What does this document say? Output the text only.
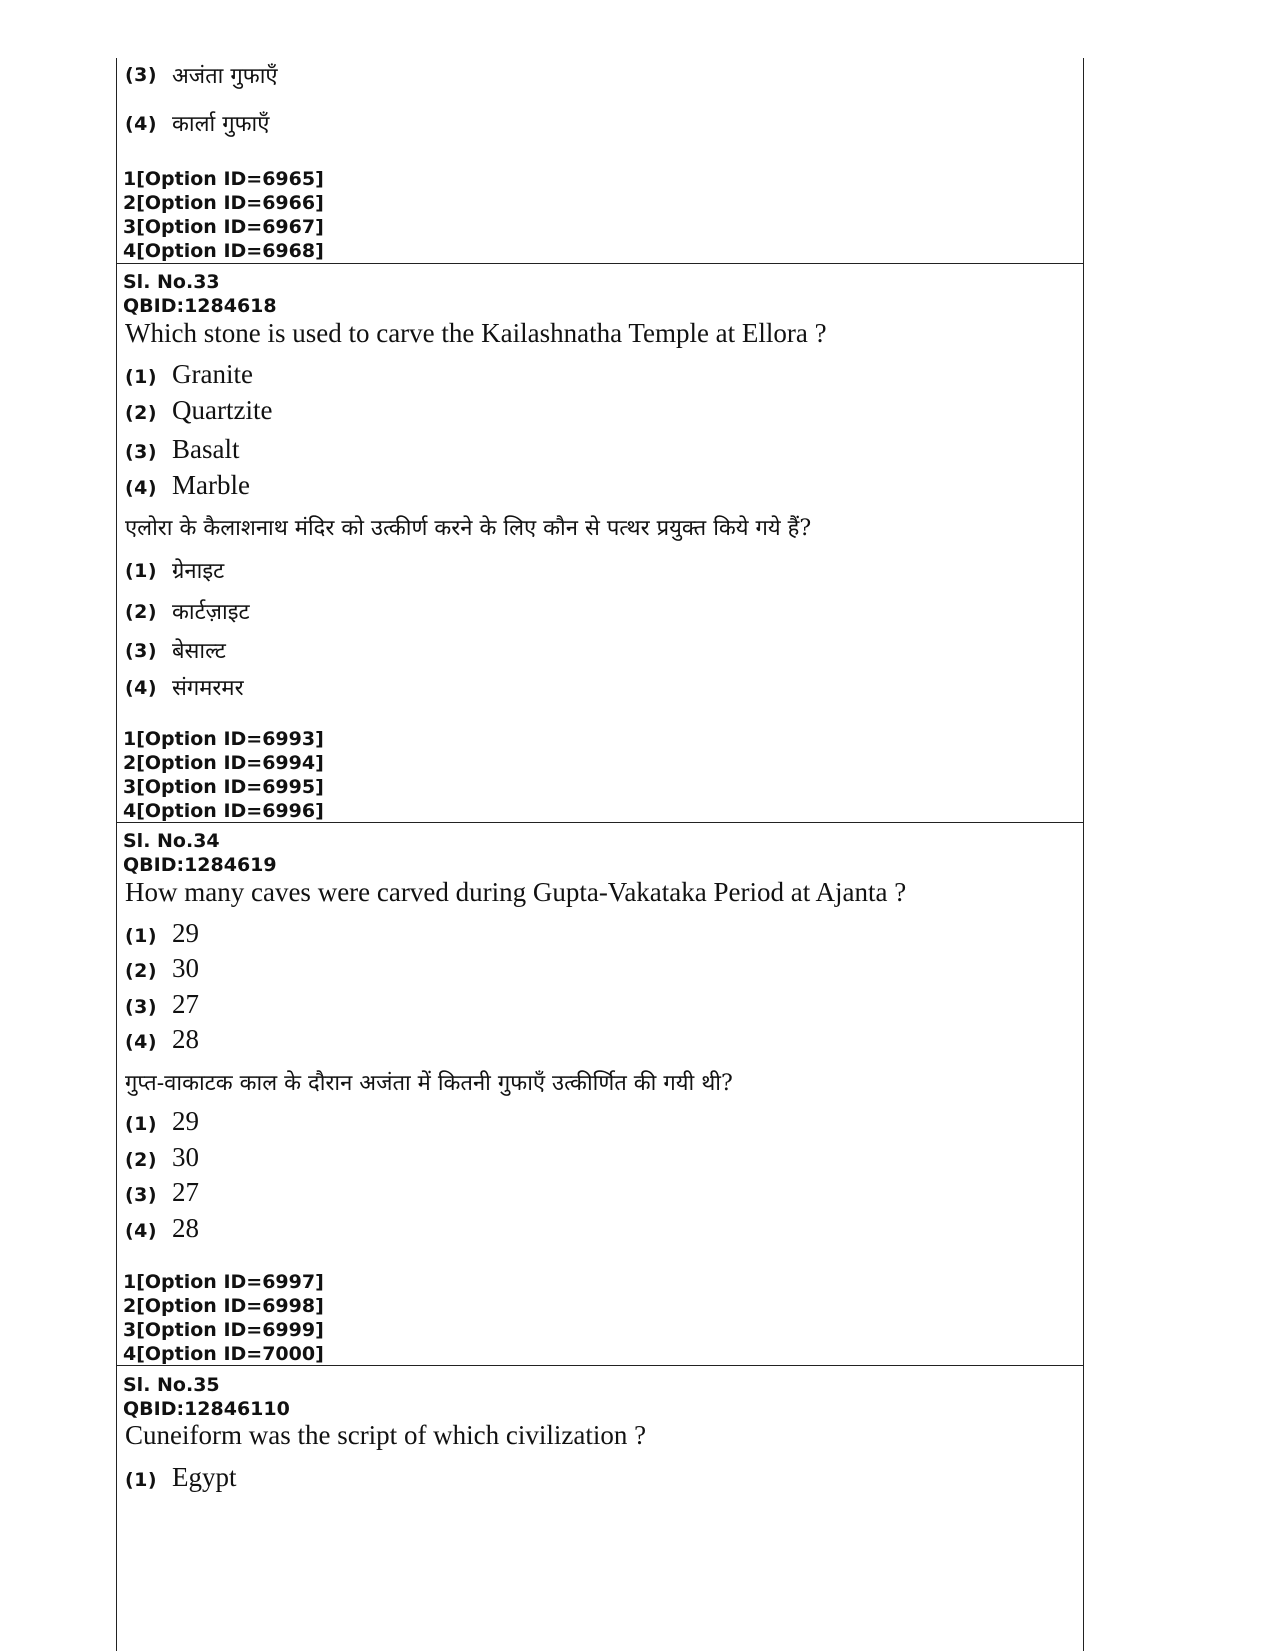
(3) अजंता गुफाएँ
(4) कार्ला गुफाएँ
1[Option ID=6965]
2[Option ID=6966]
3[Option ID=6967]
4[Option ID=6968]
Sl. No.33
QBID:1284618
Which stone is used to carve the Kailashnatha Temple at Ellora ?
(1) Granite
(2) Quartzite
(3) Basalt
(4) Marble
एलोरा के कैलाशनाथ मंदिर को उत्कीर्ण करने के लिए कौन से पत्थर प्रयुक्त किये गये हैं?
(1) ग्रेनाइट
(2) कार्टज़ाइट
(3) बेसाल्ट
(4) संगमरमर
1[Option ID=6993]
2[Option ID=6994]
3[Option ID=6995]
4[Option ID=6996]
Sl. No.34
QBID:1284619
How many caves were carved during Gupta-Vakataka Period at Ajanta ?
(1) 29
(2) 30
(3) 27
(4) 28
गुप्त-वाकाटक काल के दौरान अजंता में कितनी गुफाएँ उत्कीर्णित की गयी थी?
(1) 29
(2) 30
(3) 27
(4) 28
1[Option ID=6997]
2[Option ID=6998]
3[Option ID=6999]
4[Option ID=7000]
Sl. No.35
QBID:12846110
Cuneiform was the script of which civilization ?
(1) Egypt
